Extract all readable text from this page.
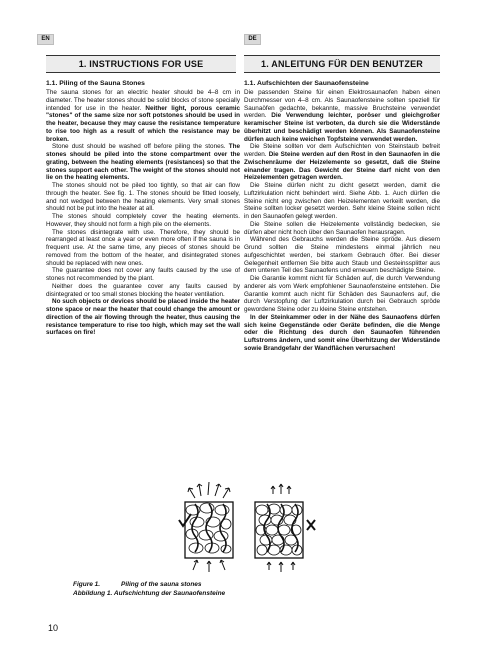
EN	DE
1. INSTRUCTIONS FOR USE	1. ANLEITUNG FÜR DEN BENUTZER
1.1. Piling of the Sauna Stones

The sauna stones for an electric heater should be 4–8 cm in diameter. The heater stones should be solid blocks of stone specially intended for use in the heater. Neither light, porous ceramic "stones" of the same size nor soft potstones should be used in the heater, because they may cause the resistance temperature to rise too high as a result of which the resistance may be broken.

Stone dust should be washed off before piling the stones. The stones should be piled into the stone compartment over the grating, between the heating elements (resistances) so that the stones support each other. The weight of the stones should not lie on the heating elements.

The stones should not be piled too tightly, so that air can flow through the heater. See fig. 1. The stones should be fitted loosely, and not wedged between the heating elements. Very small stones should not be put into the heater at all.

The stones should completely cover the heating elements. However, they should not form a high pile on the elements.

The stones disintegrate with use. Therefore, they should be rearranged at least once a year or even more often if the sauna is in frequent use. At the same time, any pieces of stones should be removed from the bottom of the heater, and disintegrated stones should be replaced with new ones.

The guarantee does not cover any faults caused by the use of stones not recommended by the plant.

Neither does the guarantee cover any faults caused by disintegrated or too small stones blocking the heater ventilation.

No such objects or devices should be placed inside the heater stone space or near the heater that could change the amount or direction of the air flowing through the heater, thus causing the resistance temperature to rise too high, which may set the wall surfaces on fire!

1.1. Aufschichten der Saunaofensteine

Die passenden Steine für einen Elektrosaunaofen haben einen Durchmesser von 4–8 cm. Als Saunaofensteine sollten speziell für Saunaöfen gedachte, bekannte, massive Bruchsteine verwendet werden. Die Verwendung leichter, poröser und gleichgroßer keramischer Steine ist verboten, da durch sie die Widerstände überhitzt und beschädigt werden können. Als Saunaofensteine dürfen auch keine weichen Topfsteine verwendet werden.

Die Steine sollten vor dem Aufschichten von Steinstaub befreit werden. Die Steine werden auf den Rost in den Saunaofen in die Zwischenräume der Heizelemente so gesetzt, daß die Steine einander tragen. Das Gewicht der Steine darf nicht von den Heizelementen getragen werden.

Die Steine dürfen nicht zu dicht gesetzt werden, damit die Luftzirkulation nicht behindert wird. Siehe Abb. 1. Auch dürfen die Steine nicht eng zwischen den Heizelementen verkeilt werden, die Steine sollten locker gesetzt werden. Sehr kleine Steine sollen nicht in den Saunaofen gelegt werden.

Die Steine sollen die Heizelemente vollständig bedecken, sie dürfen aber nicht hoch über den Saunaofen herausragen.

Während des Gebrauchs werden die Steine spröde. Aus diesem Grund sollten die Steine mindestens einmal jährlich neu aufgeschichtet werden, bei starkem Gebrauch öfter. Bei dieser Gelegenheit entfernen Sie bitte auch Staub und Gesteinssplitter aus dem unteren Teil des Saunaofens und erneuern beschädigte Steine.

Die Garantie kommt nicht für Schäden auf, die durch Verwendung anderer als vom Werk empfohlener Saunaofensteine entstehen. Die Garantie kommt auch nicht für Schäden des Saunaofens auf, die durch Verstopfung der Luftzirkulation durch bei Gebrauch spröde gewordene Steine oder zu kleine Steine entstehen.

In der Steinkammer oder in der Nähe des Saunaofens dürfen sich keine Gegenstände oder Geräte befinden, die die Menge oder die Richtung des durch den Saunaofen führenden Luftstroms ändern, und somit eine Überhitzung der Widerstände sowie Brandgefahr der Wandflächen verursachen!

Figure 1.	Piling of the sauna stones
Abbildung 1. Aufschichtung der Saunaofensteine
10
